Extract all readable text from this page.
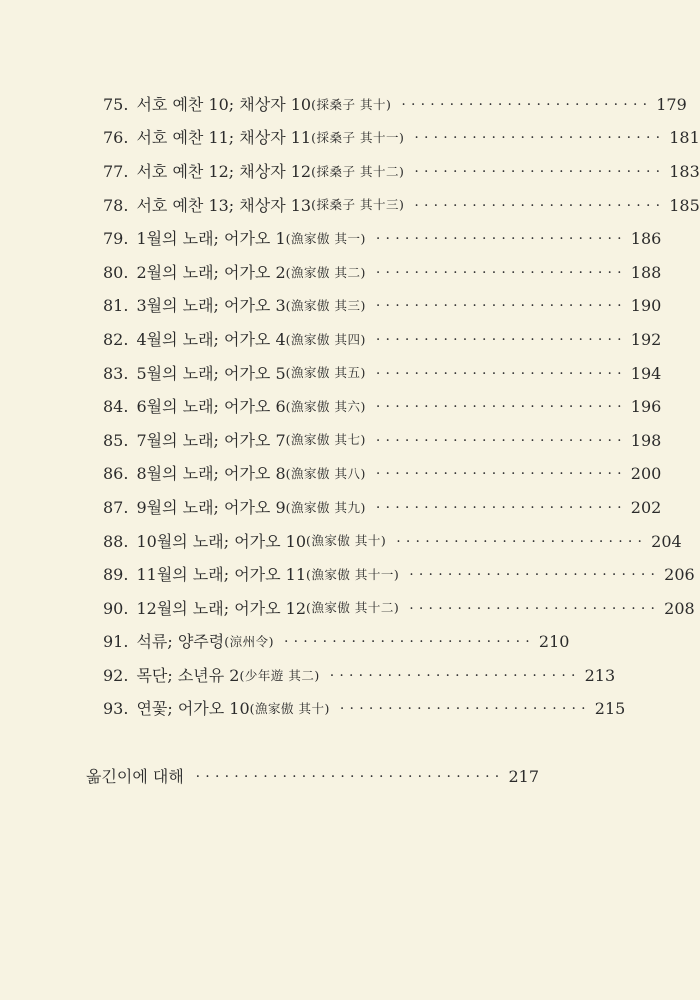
75. 서호 예찬 10; 채상자 10 (採桑子 其十) ·························· 179
76. 서호 예찬 11; 채상자 11 (採桑子 其十一) ·························· 181
77. 서호 예찬 12; 채상자 12 (採桑子 其十二) ·························· 183
78. 서호 예찬 13; 채상자 13 (採桑子 其十三) ·························· 185
79. 1월의 노래; 어가오 1 (漁家傲 其一) ·························· 186
80. 2월의 노래; 어가오 2 (漁家傲 其二) ·························· 188
81. 3월의 노래; 어가오 3 (漁家傲 其三) ·························· 190
82. 4월의 노래; 어가오 4 (漁家傲 其四) ·························· 192
83. 5월의 노래; 어가오 5 (漁家傲 其五) ·························· 194
84. 6월의 노래; 어가오 6 (漁家傲 其六) ·························· 196
85. 7월의 노래; 어가오 7 (漁家傲 其七) ·························· 198
86. 8월의 노래; 어가오 8 (漁家傲 其八) ·························· 200
87. 9월의 노래; 어가오 9 (漁家傲 其九) ·························· 202
88. 10월의 노래; 어가오 10 (漁家傲 其十) ·························· 204
89. 11월의 노래; 어가오 11 (漁家傲 其十一) ·························· 206
90. 12월의 노래; 어가오 12 (漁家傲 其十二) ·························· 208
91. 석류; 양주령 (涼州令) ·························· 210
92. 목단; 소년유 2 (少年遊 其二) ·························· 213
93. 연꽃; 어가오 10 (漁家傲 其十) ·························· 215
옮긴이에 대해 ································ 217
